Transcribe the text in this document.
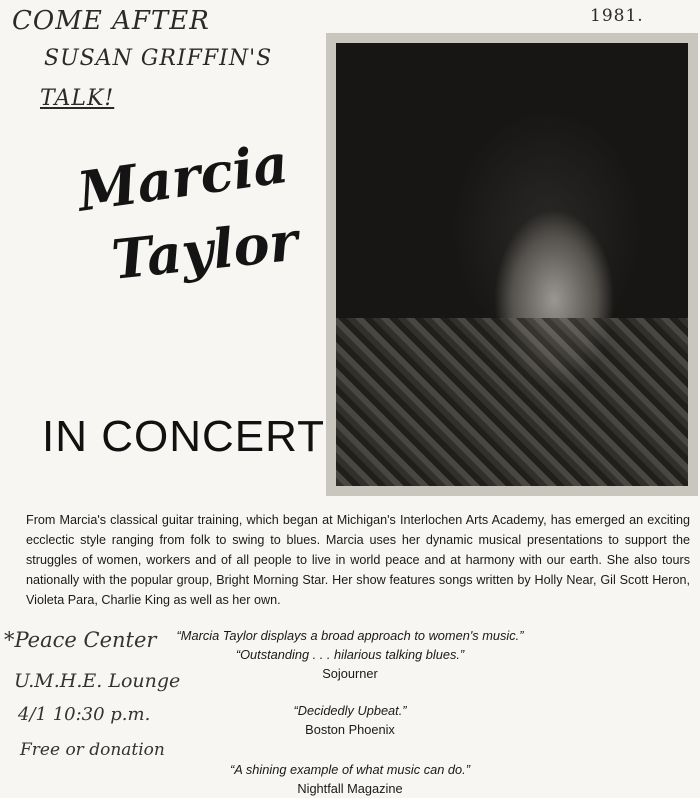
COME AFTER
SUSAN GRIFFIN'S
TALK!
1981.
Marcia
Taylor
IN CONCERT

From Marcia's classical guitar training, which began at Michigan's Interlochen Arts Academy, has emerged an exciting ecclectic style ranging from folk to swing to blues. Marcia uses her dynamic musical presentations to support the struggles of women, workers and of all people to live in world peace and at harmony with our earth. She also tours nationally with the popular group, Bright Morning Star. Her show features songs written by Holly Near, Gil Scott Heron, Violeta Para, Charlie King as well as her own.

*Peace Center
U.M.H.E. Lounge
4/1 10:30 p.m.
Free or donation
“Marcia Taylor displays a broad approach to women's music.”
“Outstanding . . . hilarious talking blues.”
Sojourner
“Decidedly Upbeat.”
Boston Phoenix
“A shining example of what music can do.”
Nightfall Magazine
